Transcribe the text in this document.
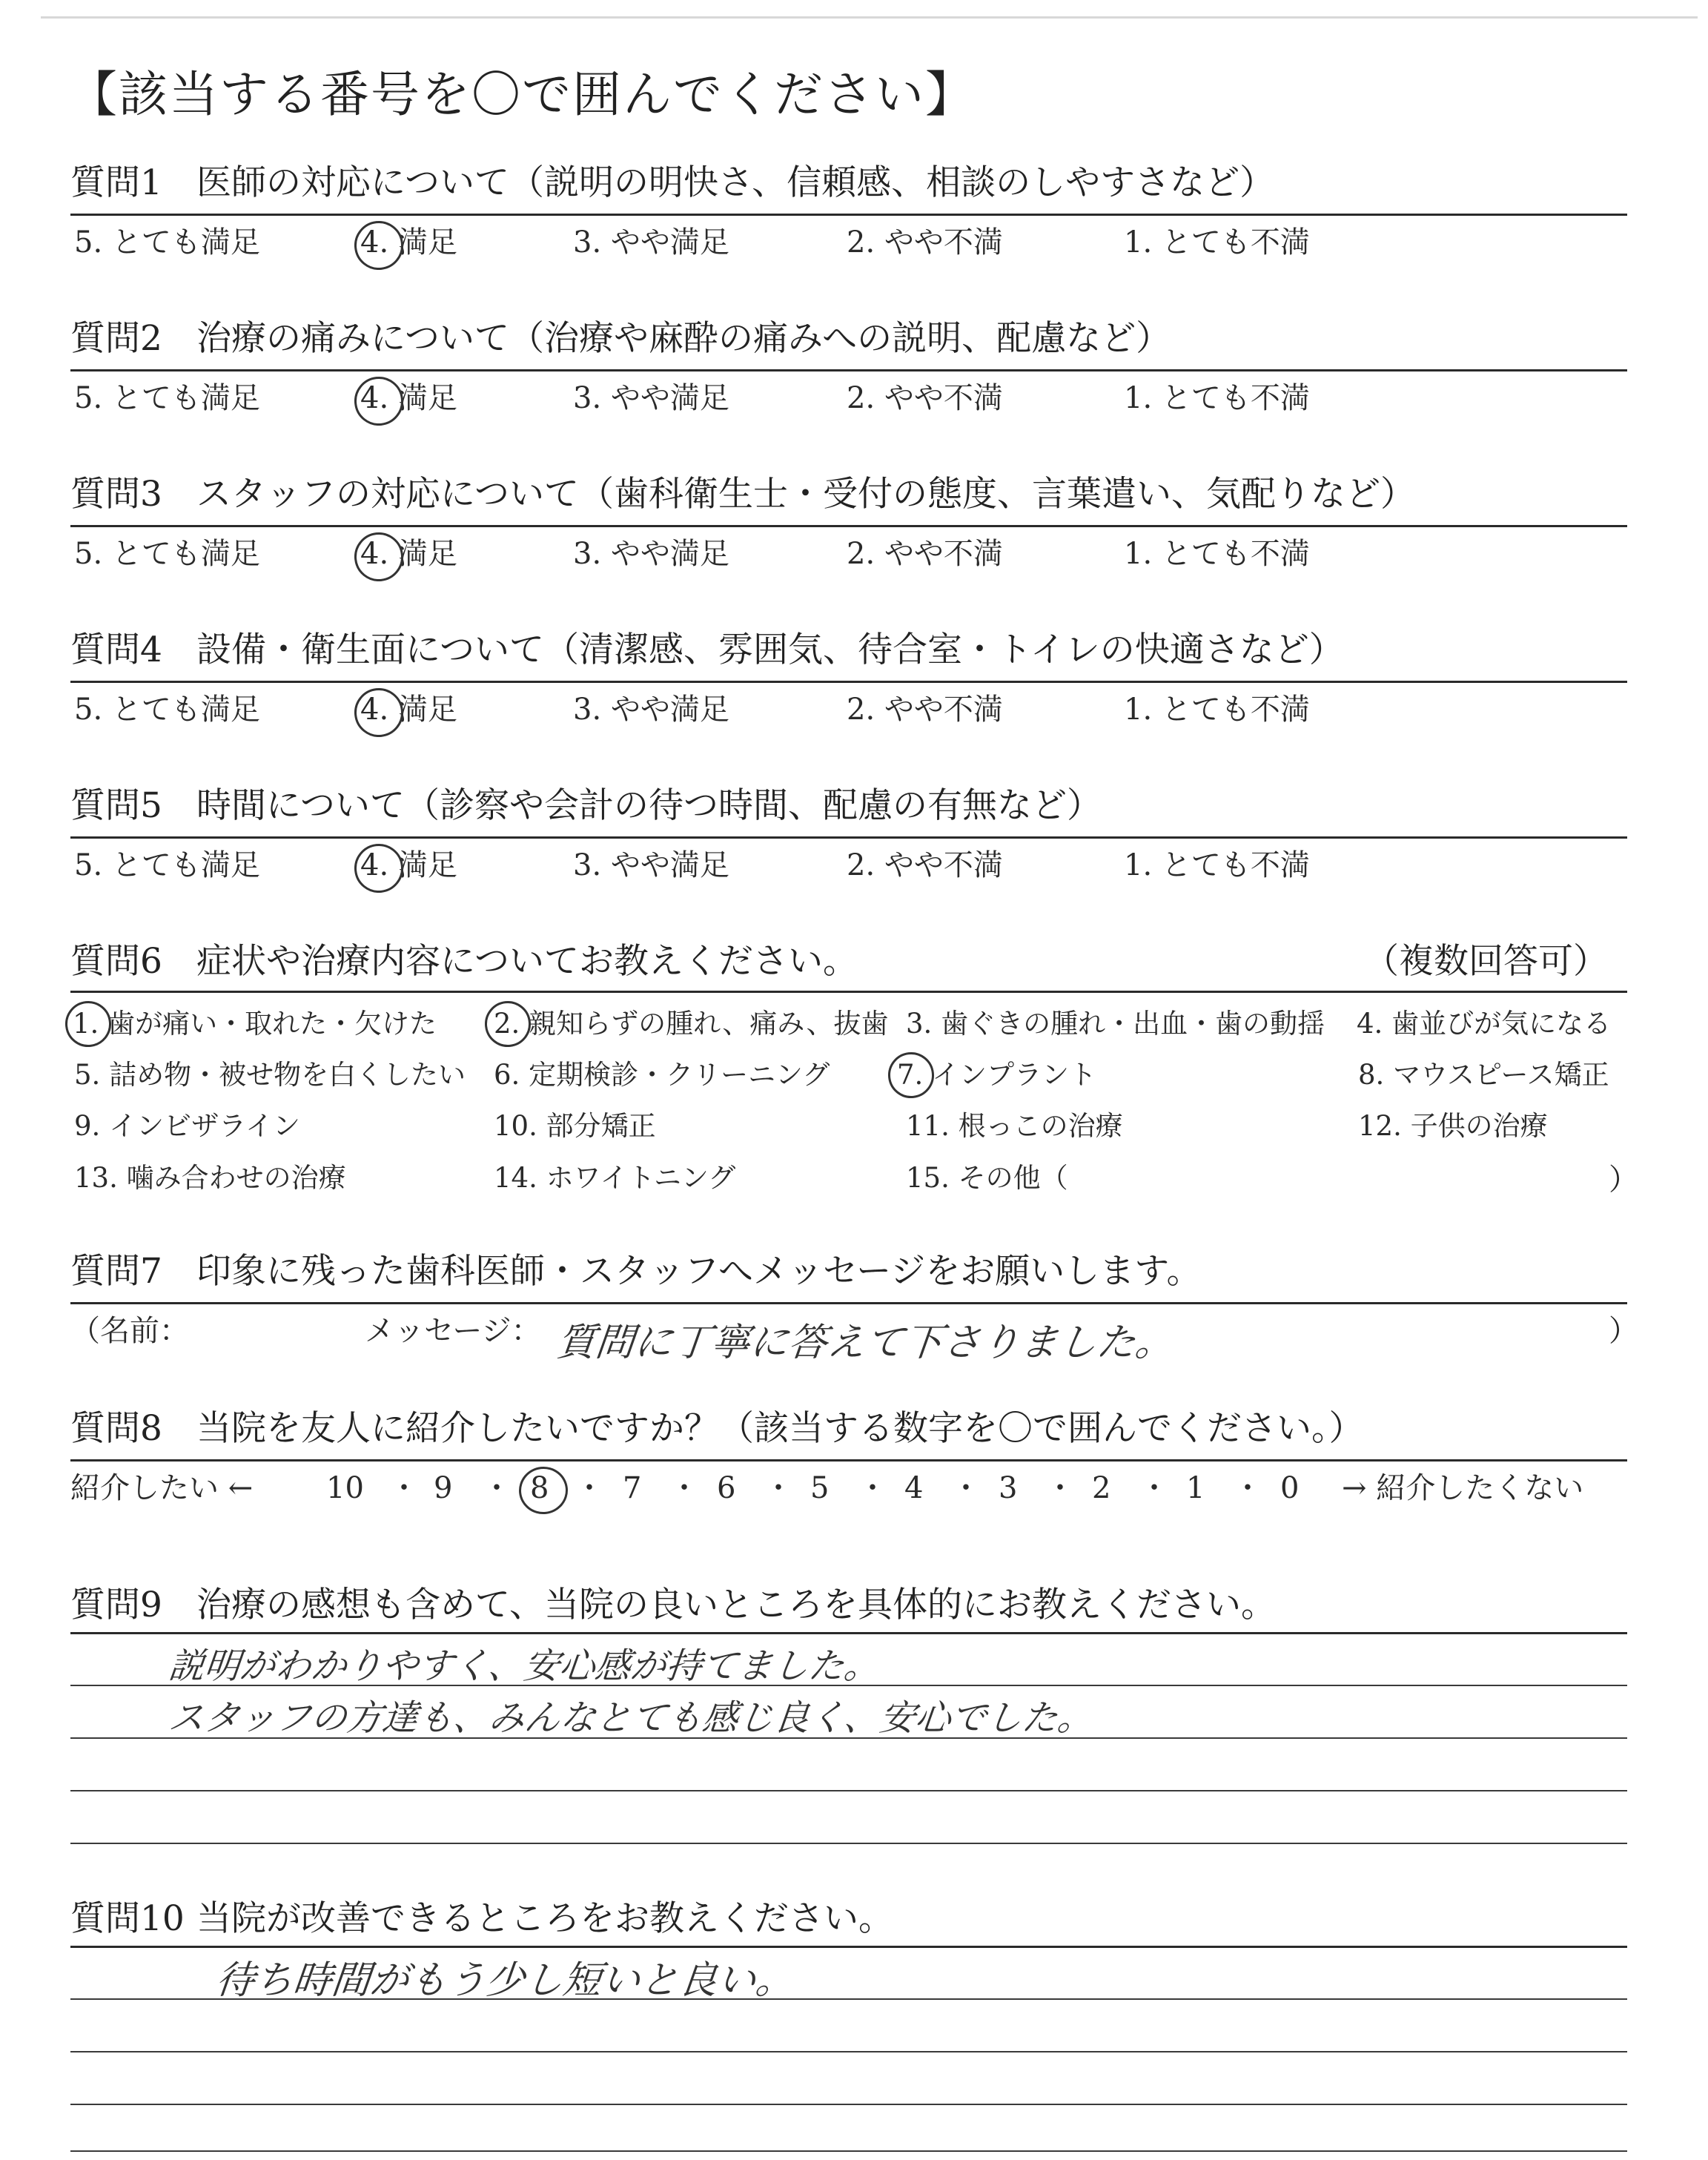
【該当する番号を〇で囲んでください】
質問1 医師の対応について（説明の明快さ、信頼感、相談のしやすさなど）
5. とても満足	4. 満足	3. やや満足	2. やや不満	1. とても不満
質問2 治療の痛みについて（治療や麻酔の痛みへの説明、配慮など）
5. とても満足	4. 満足	3. やや満足	2. やや不満	1. とても不満
質問3 スタッフの対応について（歯科衛生士・受付の態度、言葉遣い、気配りなど）
5. とても満足	4. 満足	3. やや満足	2. やや不満	1. とても不満
質問4 設備・衛生面について（清潔感、雰囲気、待合室・トイレの快適さなど）
5. とても満足	4. 満足	3. やや満足	2. やや不満	1. とても不満
質問5 時間について（診察や会計の待つ時間、配慮の有無など）
5. とても満足	4. 満足	3. やや満足	2. やや不満	1. とても不満
質問6 症状や治療内容についてお教えください。	（複数回答可）
1. 歯が痛い・取れた・欠けた 2. 親知らずの腫れ、痛み、抜歯 3. 歯ぐきの腫れ・出血・歯の動揺 4. 歯並びが気になる
5. 詰め物・被せ物を白くしたい 6. 定期検診・クリーニング 7. インプラント	8. マウスピース矯正
9. インビザライン	10. 部分矯正	11. 根っこの治療	12. 子供の治療
13. 噛み合わせの治療	14. ホワイトニング	15. その他（	）
質問7 印象に残った歯科医師・スタッフへメッセージをお願いします。
（名前：	メッセージ： 質問に丁寧に答えて下さりました。	）
質問8 当院を友人に紹介したいですか？（該当する数字を〇で囲んでください。）
紹介したい ← 10 ・ 9 ・ 8 ・ 7 ・ 6 ・ 5 ・ 4 ・ 3 ・ 2 ・ 1 ・ 0 → 紹介したくない
質問9 治療の感想も含めて、当院の良いところを具体的にお教えください。
説明がわかりやすく、安心感が持てました。
スタッフの方達も、みんなとても感じ良く、安心でした。
質問10 当院が改善できるところをお教えください。
待ち時間がもう少し短いと良い。
